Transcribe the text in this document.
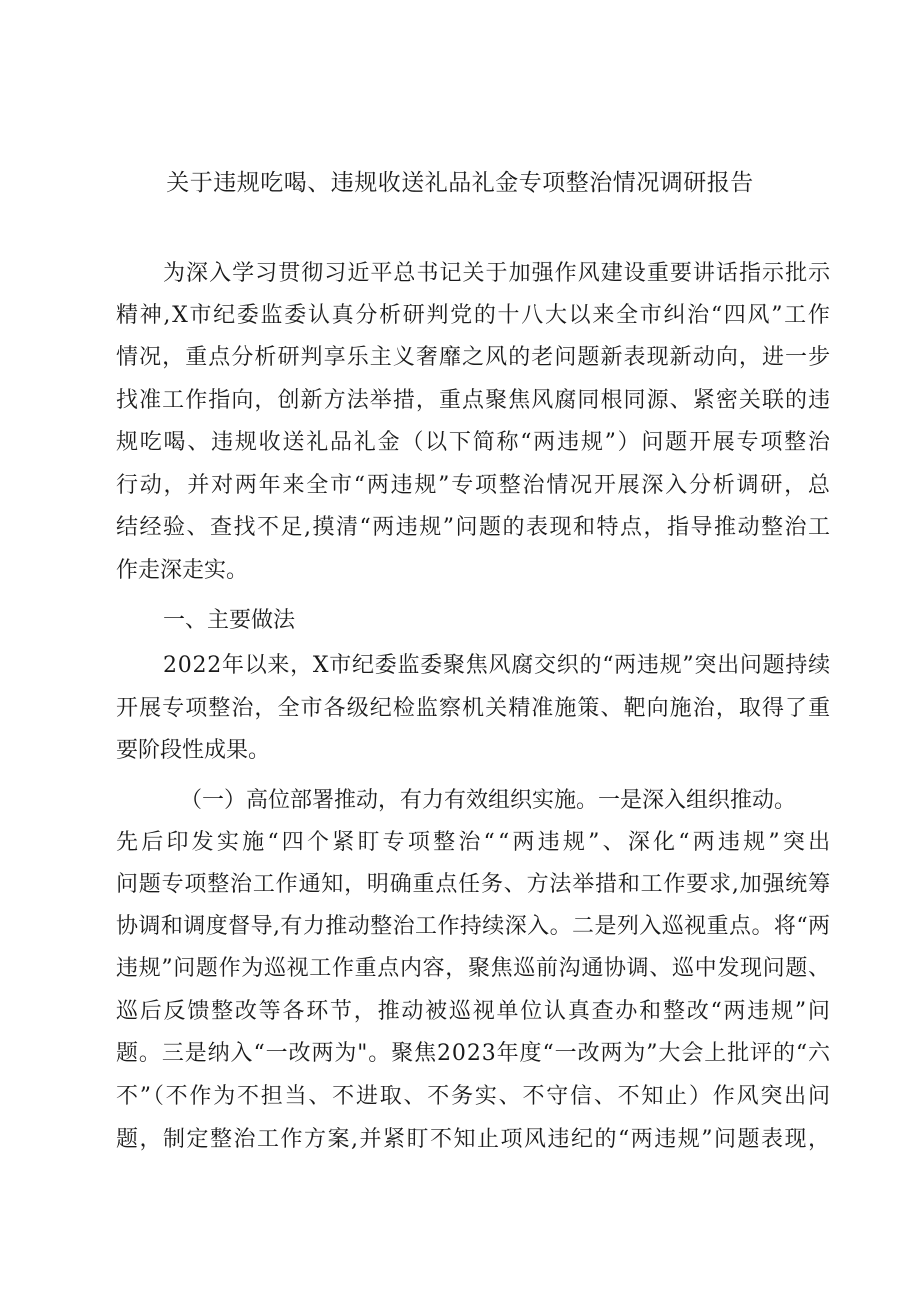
关于违规吃喝、违规收送礼品礼金专项整治情况调研报告
为深入学习贯彻习近平总书记关于加强作风建设重要讲话指示批示
精神,X市纪委监委认真分析研判党的十八大以来全市纠治“四风”工作
情况，重点分析研判享乐主义奢靡之风的老问题新表现新动向，进一步
找准工作指向，创新方法举措，重点聚焦风腐同根同源、紧密关联的违
规吃喝、违规收送礼品礼金（以下简称“两违规”）问题开展专项整治
行动，并对两年来全市“两违规”专项整治情况开展深入分析调研，总
结经验、查找不足,摸清“两违规”问题的表现和特点，指导推动整治工
作走深走实。
一、主要做法
2022年以来，X市纪委监委聚焦风腐交织的“两违规”突出问题持续
开展专项整治，全市各级纪检监察机关精准施策、靶向施治，取得了重
要阶段性成果。
（一）高位部署推动，有力有效组织实施。一是深入组织推动。
先后印发实施“四个紧盯专项整治““两违规”、深化“两违规”突出
问题专项整治工作通知，明确重点任务、方法举措和工作要求,加强统筹
协调和调度督导,有力推动整治工作持续深入。二是列入巡视重点。将“两
违规”问题作为巡视工作重点内容，聚焦巡前沟通协调、巡中发现问题、
巡后反馈整改等各环节，推动被巡视单位认真查办和整改“两违规”问
题。三是纳入“一改两为"。聚焦2023年度“一改两为”大会上批评的“六
不”（不作为不担当、不进取、不务实、不守信、不知止）作风突出问
题，制定整治工作方案,并紧盯不知止项风违纪的“两违规”问题表现，
